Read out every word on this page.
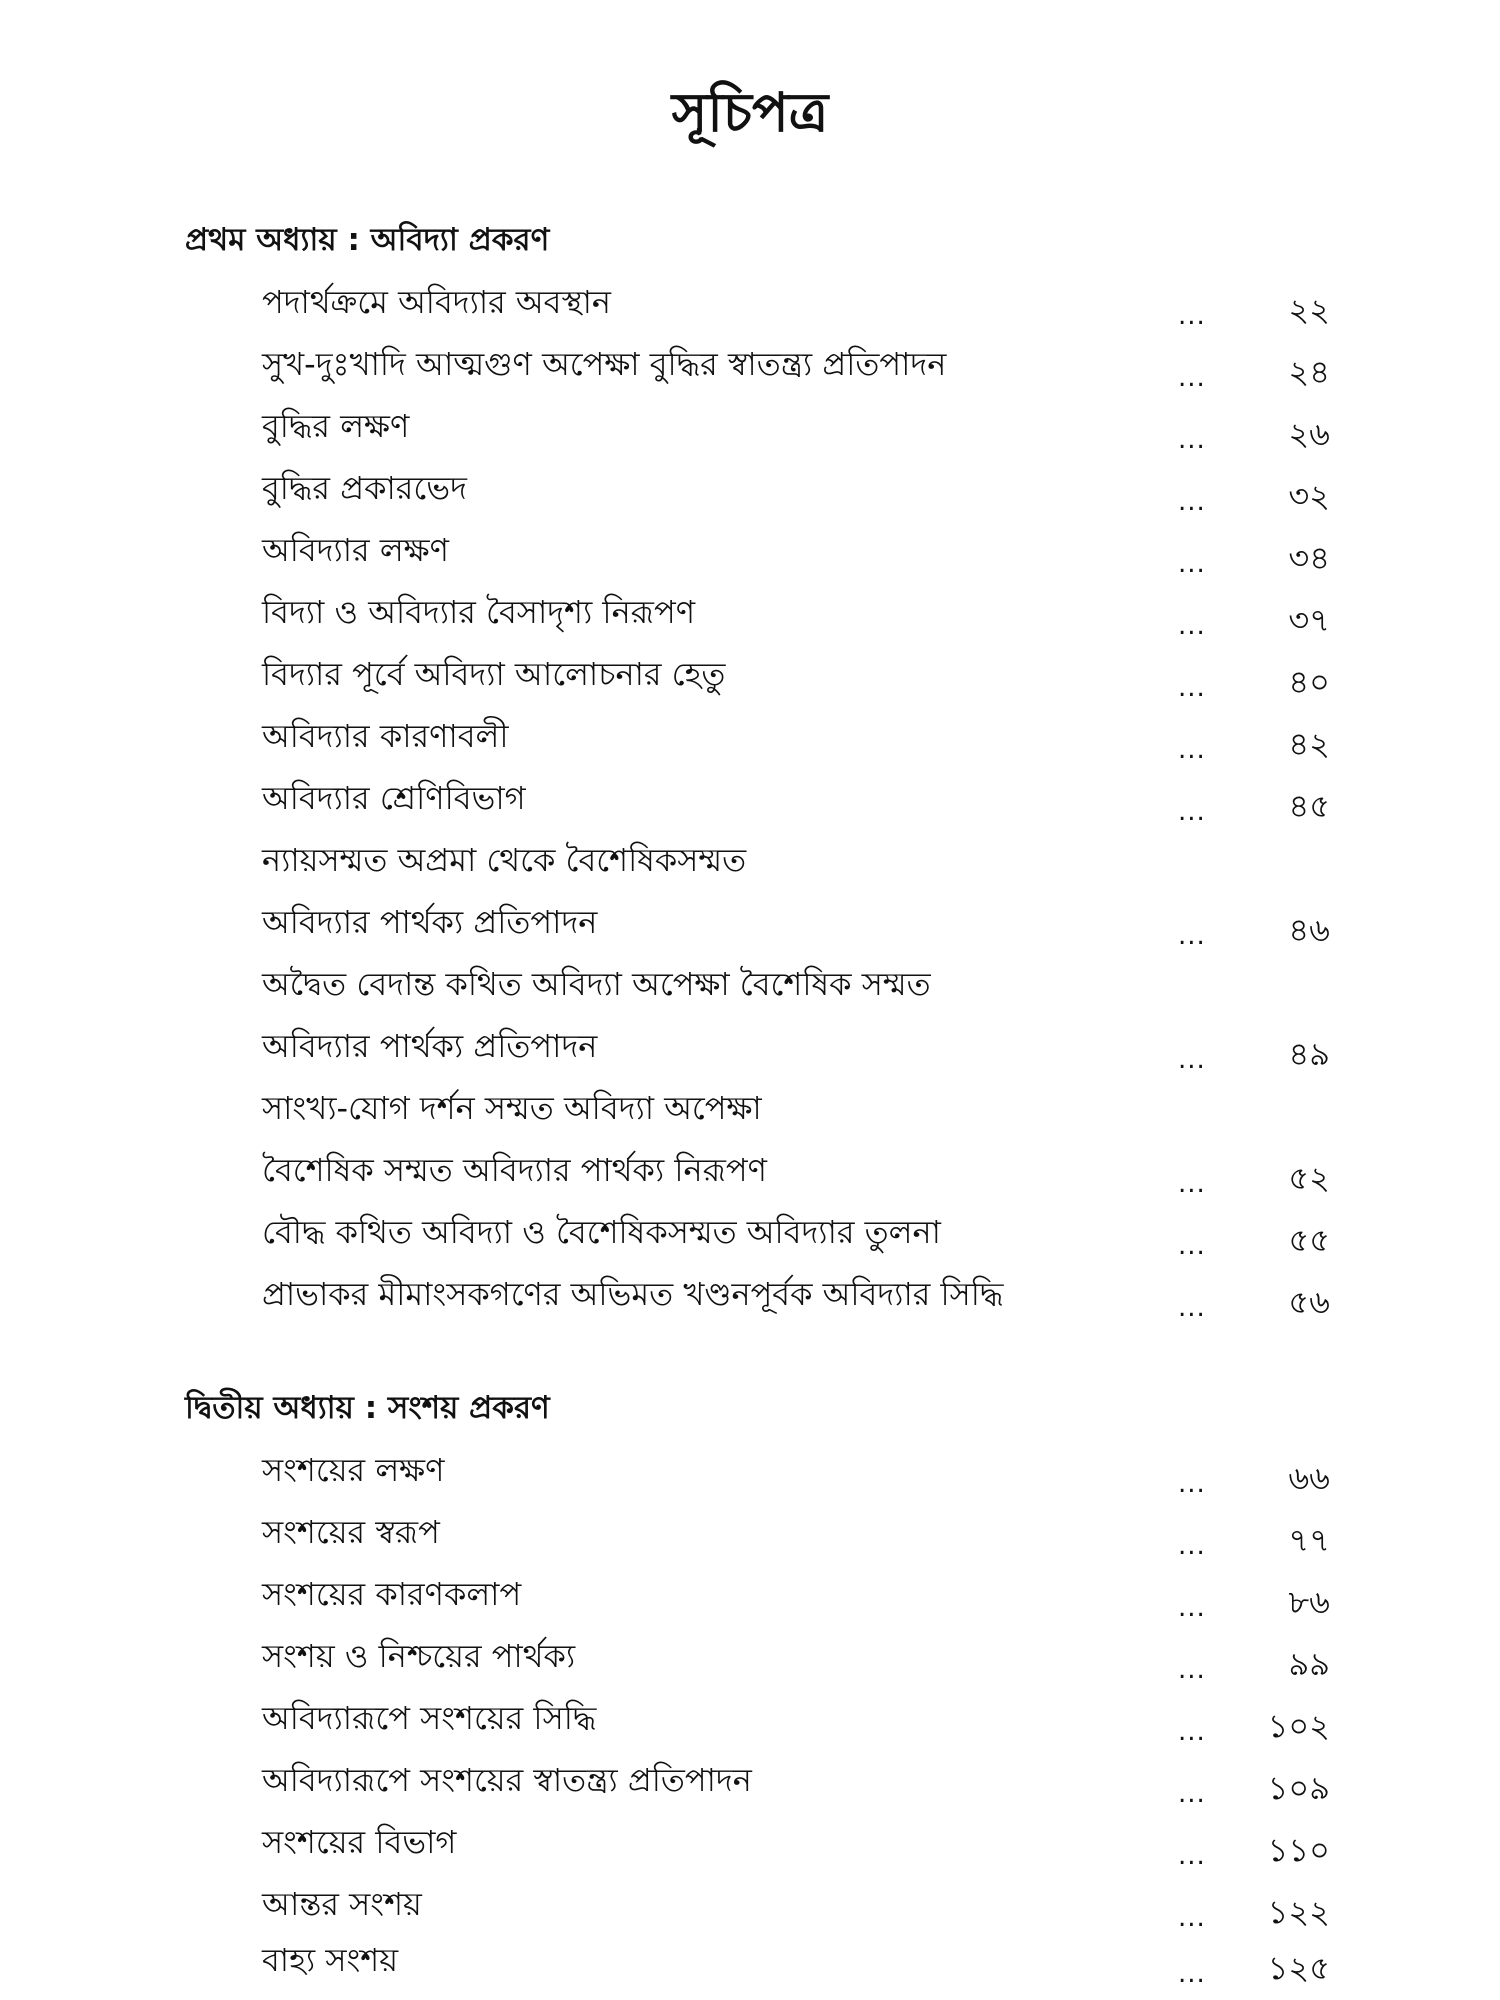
সূচিপত্র
প্রথম অধ্যায় : অবিদ্যা প্রকরণ
পদার্থক্রমে অবিদ্যার অবস্থান	...	২২
সুখ-দুঃখাদি আত্মগুণ অপেক্ষা বুদ্ধির স্বাতন্ত্র্য প্রতিপাদন	...	২৪
বুদ্ধির লক্ষণ	...	২৬
বুদ্ধির প্রকারভেদ	...	৩২
অবিদ্যার লক্ষণ	...	৩৪
বিদ্যা ও অবিদ্যার বৈসাদৃশ্য নিরূপণ	...	৩৭
বিদ্যার পূর্বে অবিদ্যা আলোচনার হেতু	...	৪০
অবিদ্যার কারণাবলী	...	৪২
অবিদ্যার শ্রেণিবিভাগ	...	৪৫
ন্যায়সম্মত অপ্রমা থেকে বৈশেষিকসম্মত
অবিদ্যার পার্থক্য প্রতিপাদন	...	৪৬
অদ্বৈত বেদান্ত কথিত অবিদ্যা অপেক্ষা বৈশেষিক সম্মত
অবিদ্যার পার্থক্য প্রতিপাদন	...	৪৯
সাংখ্য-যোগ দর্শন সম্মত অবিদ্যা অপেক্ষা
বৈশেষিক সম্মত অবিদ্যার পার্থক্য নিরূপণ	...	৫২
বৌদ্ধ কথিত অবিদ্যা ও বৈশেষিকসম্মত অবিদ্যার তুলনা	...	৫৫
প্রাভাকর মীমাংসকগণের অভিমত খণ্ডনপূর্বক অবিদ্যার সিদ্ধি	...	৫৬
দ্বিতীয় অধ্যায় : সংশয় প্রকরণ
সংশয়ের লক্ষণ	...	৬৬
সংশয়ের স্বরূপ	...	৭৭
সংশয়ের কারণকলাপ	...	৮৬
সংশয় ও নিশ্চয়ের পার্থক্য	...	৯৯
অবিদ্যারূপে সংশয়ের সিদ্ধি	...	১০২
অবিদ্যারূপে সংশয়ের স্বাতন্ত্র্য প্রতিপাদন	...	১০৯
সংশয়ের বিভাগ	...	১১০
আন্তর সংশয়	...	১২২
বাহ্য সংশয়	...	১২৫
